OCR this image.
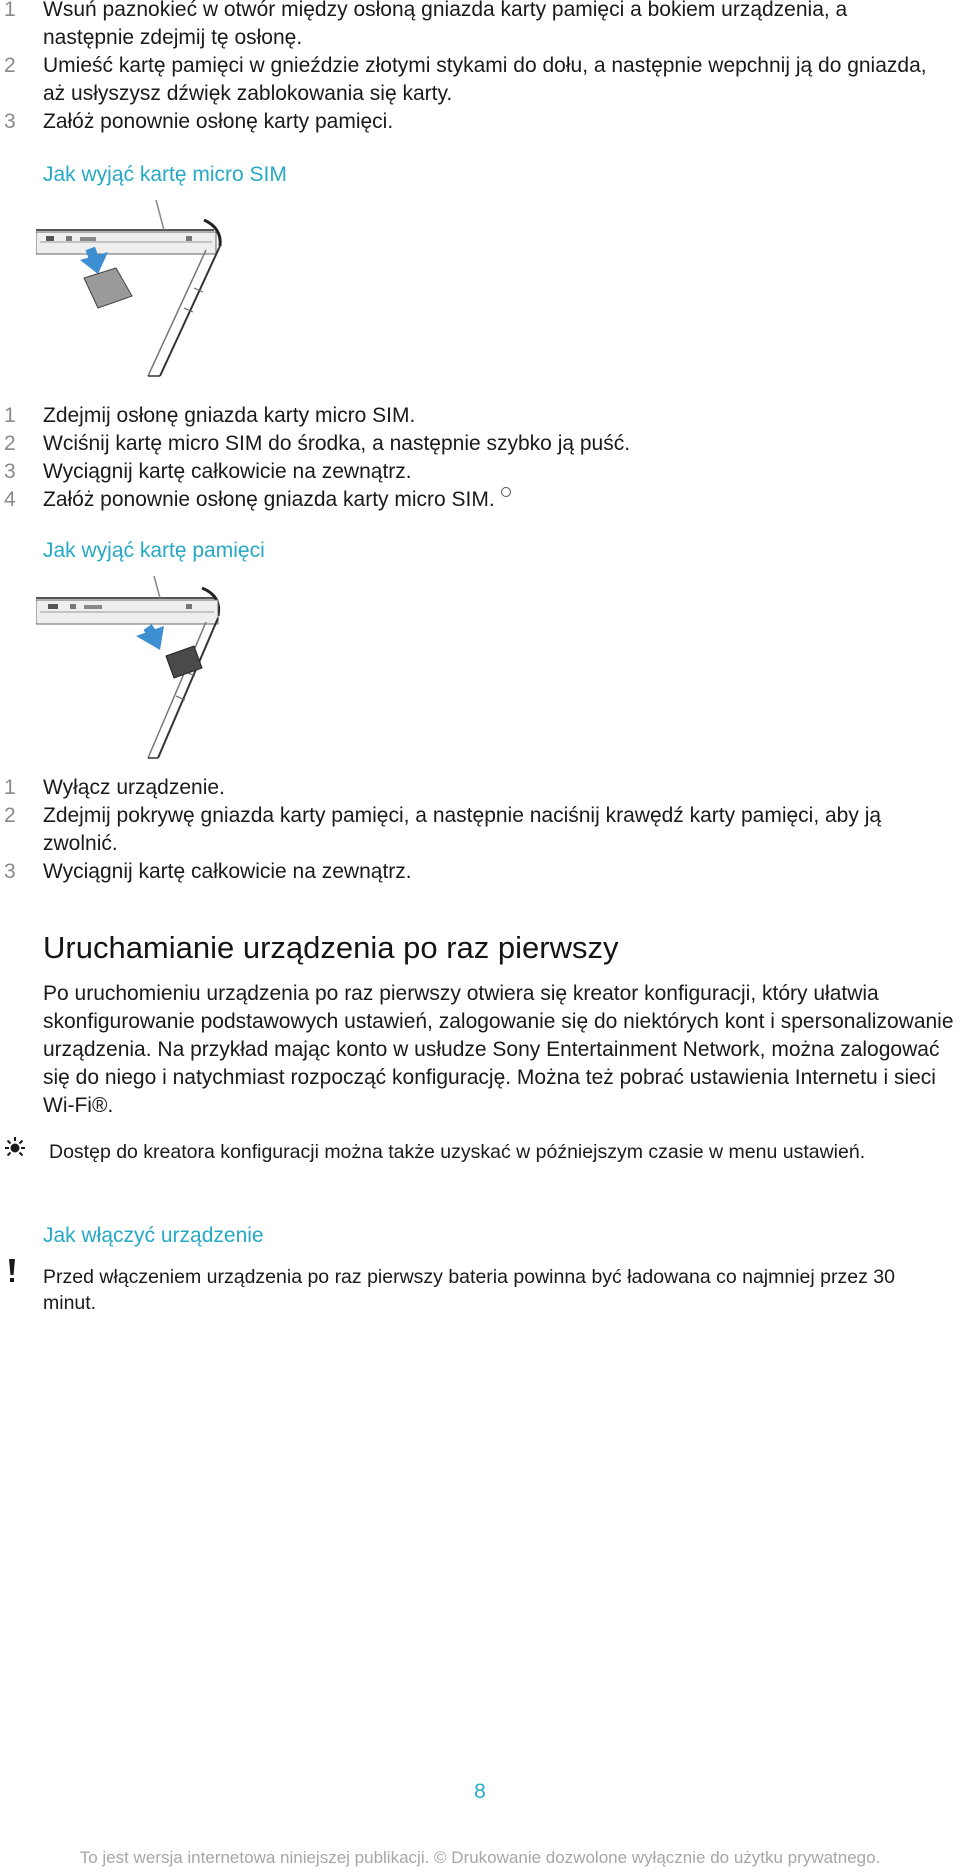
1 Wsuń paznokieć w otwór między osłoną gniazda karty pamięci a bokiem urządzenia, a następnie zdejmij tę osłonę.
2 Umieść kartę pamięci w gnieździe złotymi stykami do dołu, a następnie wepchnij ją do gniazda, aż usłyszysz dźwięk zablokowania się karty.
3 Załóż ponownie osłonę karty pamięci.
Jak wyjąć kartę micro SIM
1 Zdejmij osłonę gniazda karty micro SIM.
2 Wciśnij kartę micro SIM do środka, a następnie szybko ją puść.
3 Wyciągnij kartę całkowicie na zewnątrz.
4 Załóż ponownie osłonę gniazda karty micro SIM.
Jak wyjąć kartę pamięci
1 Wyłącz urządzenie.
2 Zdejmij pokrywę gniazda karty pamięci, a następnie naciśnij krawędź karty pamięci, aby ją zwolnić.
3 Wyciągnij kartę całkowicie na zewnątrz.
Uruchamianie urządzenia po raz pierwszy
Po uruchomieniu urządzenia po raz pierwszy otwiera się kreator konfiguracji, który ułatwia skonfigurowanie podstawowych ustawień, zalogowanie się do niektórych kont i spersonalizowanie urządzenia. Na przykład mając konto w usłudze Sony Entertainment Network, można zalogować się do niego i natychmiast rozpocząć konfigurację. Można też pobrać ustawienia Internetu i sieci Wi-Fi®.
Dostęp do kreatora konfiguracji można także uzyskać w późniejszym czasie w menu ustawień.
Jak włączyć urządzenie
Przed włączeniem urządzenia po raz pierwszy bateria powinna być ładowana co najmniej przez 30 minut.
8
To jest wersja internetowa niniejszej publikacji. © Drukowanie dozwolone wyłącznie do użytku prywatnego.
